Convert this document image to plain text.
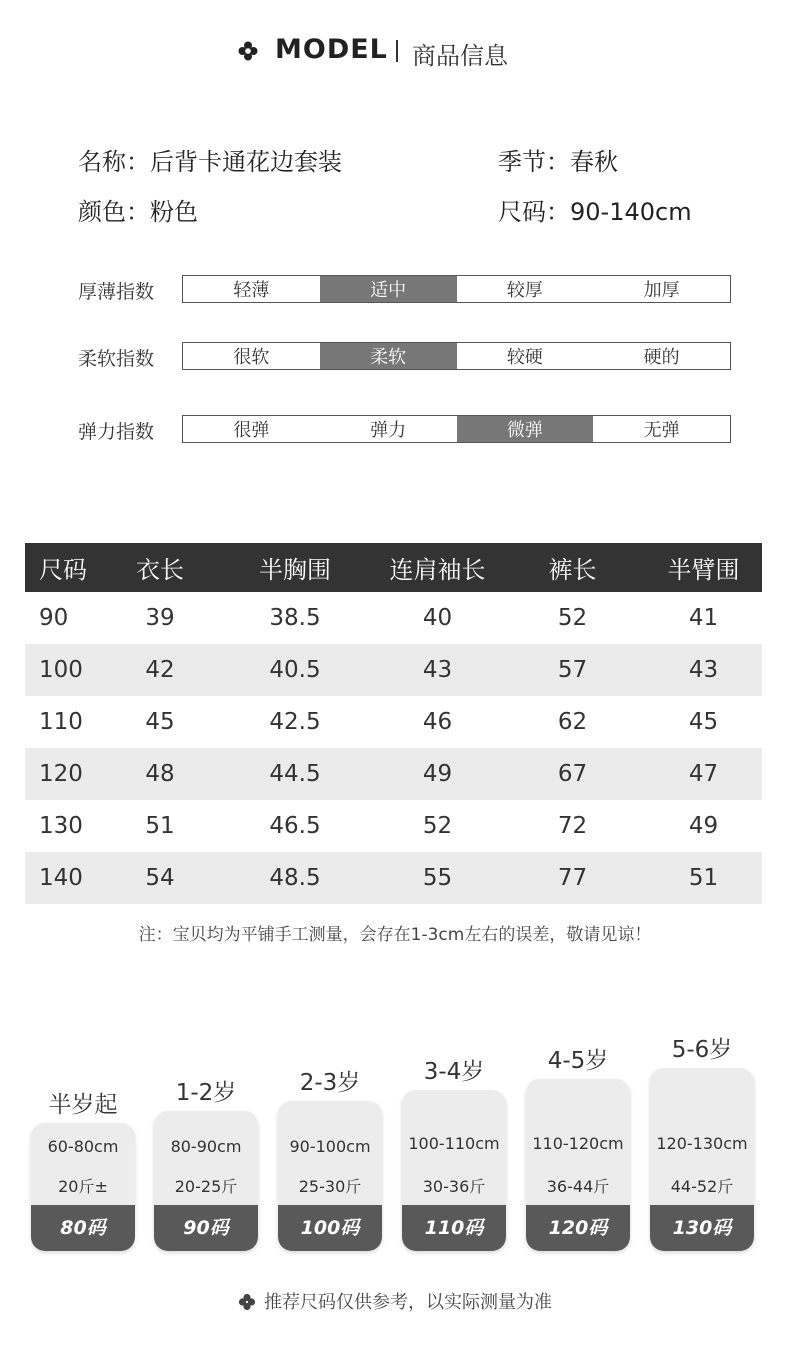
MODEL 商品信息
名称：后背卡通花边套装	季节：春秋
颜色：粉色	尺码：90-140cm
厚薄指数	轻薄	适中	较厚	加厚
柔软指数	很软	柔软	较硬	硬的
弹力指数	很弹	弹力	微弹	无弹
尺码	衣长	半胸围	连肩袖长	裤长	半臂围
90	39	38.5	40	52	41
100	42	40.5	43	57	43
110	45	42.5	46	62	45
120	48	44.5	49	67	47
130	51	46.5	52	72	49
140	54	48.5	55	77	51
注：宝贝均为平铺手工测量，会存在1-3cm左右的误差，敬请见谅！
半岁起
60-80cm
20斤±
80码
1-2岁
80-90cm
20-25斤
90码
2-3岁
90-100cm
25-30斤
100码
3-4岁
100-110cm
30-36斤
110码
4-5岁
110-120cm
36-44斤
120码
5-6岁
120-130cm
44-52斤
130码
推荐尺码仅供参考，以实际测量为准
